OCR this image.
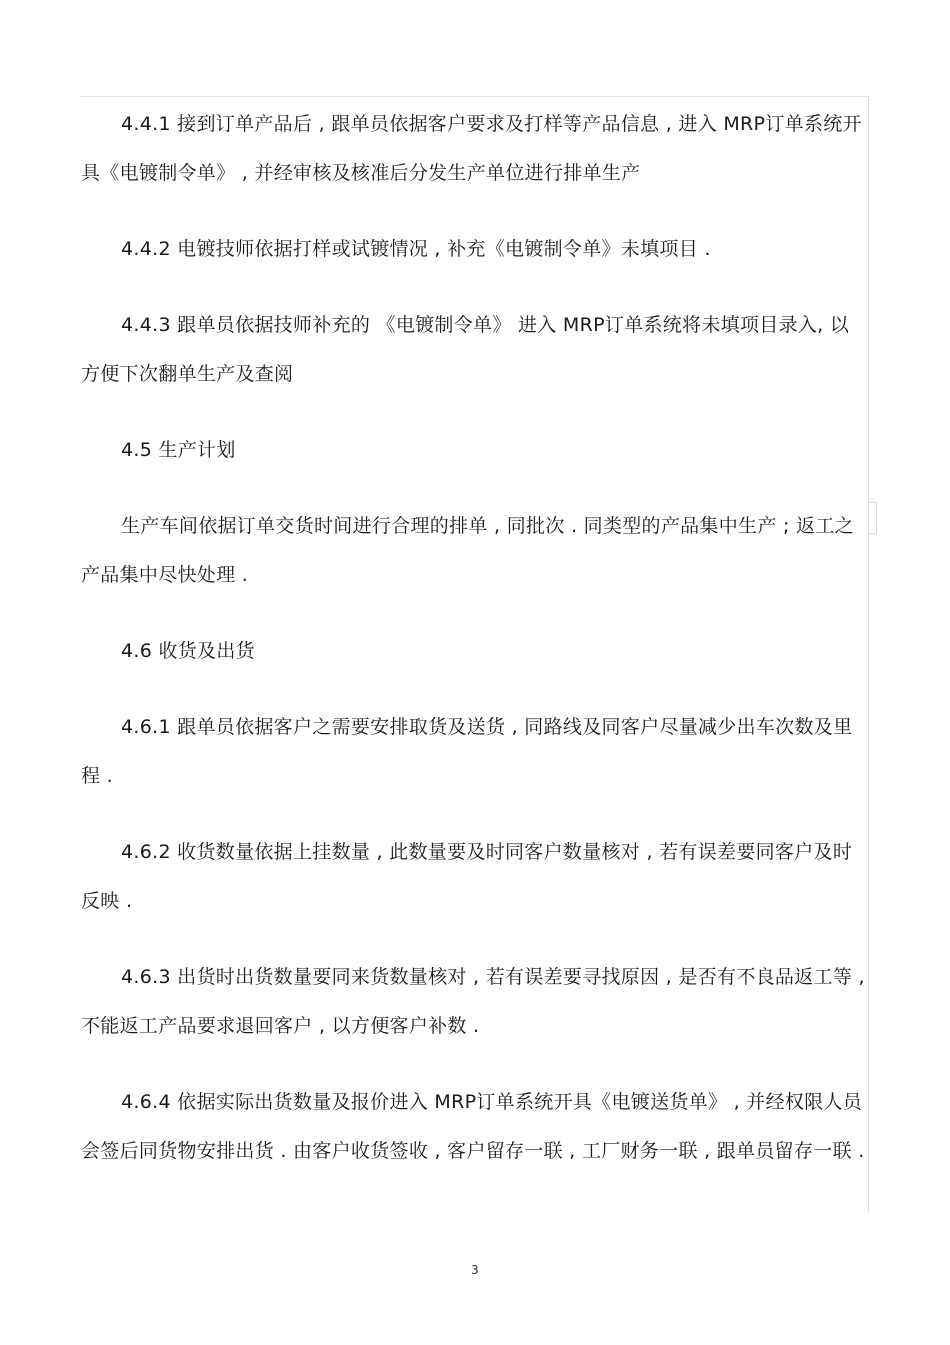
4.4.1 接到订单产品后 , 跟单员依据客户要求及打样等产品信息 , 进入 MRP订单系统开具《电镀制令单》 , 并经审核及核准后分发生产单位进行排单生产

4.4.2 电镀技师依据打样或试镀情况 , 补充《电镀制令单》未填项目 .

4.4.3 跟单员依据技师补充的 《电镀制令单》 进入 MRP订单系统将未填项目录入, 以方便下次翻单生产及查阅

4.5 生产计划

生产车间依据订单交货时间进行合理的排单 , 同批次 . 同类型的产品集中生产 ; 返工之产品集中尽快处理 .

4.6 收货及出货

4.6.1 跟单员依据客户之需要安排取货及送货 , 同路线及同客户尽量减少出车次数及里程 .

4.6.2 收货数量依据上挂数量 , 此数量要及时同客户数量核对 , 若有误差要同客户及时反映 .

4.6.3 出货时出货数量要同来货数量核对 , 若有误差要寻找原因 , 是否有不良品返工等 , 不能返工产品要求退回客户 , 以方便客户补数 .

4.6.4 依据实际出货数量及报价进入 MRP订单系统开具《电镀送货单》 , 并经权限人员会签后同货物安排出货 . 由客户收货签收 , 客户留存一联 , 工厂财务一联 , 跟单员留存一联 .

3
